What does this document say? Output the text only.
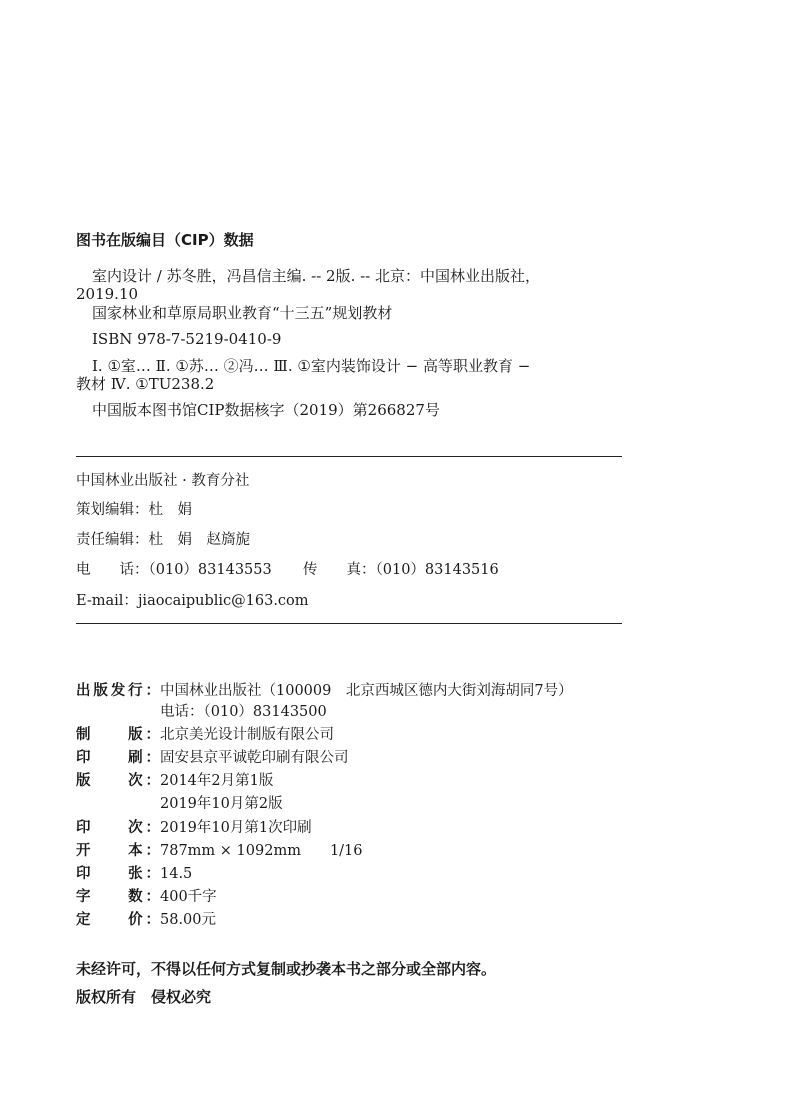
图书在版编目（CIP）数据
室内设计 / 苏冬胜，冯昌信主编. -- 2版. -- 北京：中国林业出版社，
2019.10
国家林业和草原局职业教育“十三五”规划教材
ISBN 978-7-5219-0410-9
Ⅰ. ①室… Ⅱ. ①苏… ②冯… Ⅲ. ①室内装饰设计 − 高等职业教育 −
教材 Ⅳ. ①TU238.2
中国版本图书馆CIP数据核字（2019）第266827号
中国林业出版社 · 教育分社
策划编辑：杜　娟
责任编辑：杜　娟　赵旖旎
电　　话：（010）83143553 传　　真：（010）83143516
E-mail：jiaocaipublic@163.com
出版发行：中国林业出版社（100009　北京西城区德内大街刘海胡同7号）
电话：（010）83143500
制　　版：北京美光设计制版有限公司
印　　刷：固安县京平诚乾印刷有限公司
版　　次：2014年2月第1版
2019年10月第2版
印　　次：2019年10月第1次印刷
开　　本：787mm × 1092mm　　1/16
印　　张：14.5
字　　数：400千字
定　　价：58.00元
未经许可，不得以任何方式复制或抄袭本书之部分或全部内容。
版权所有　侵权必究
